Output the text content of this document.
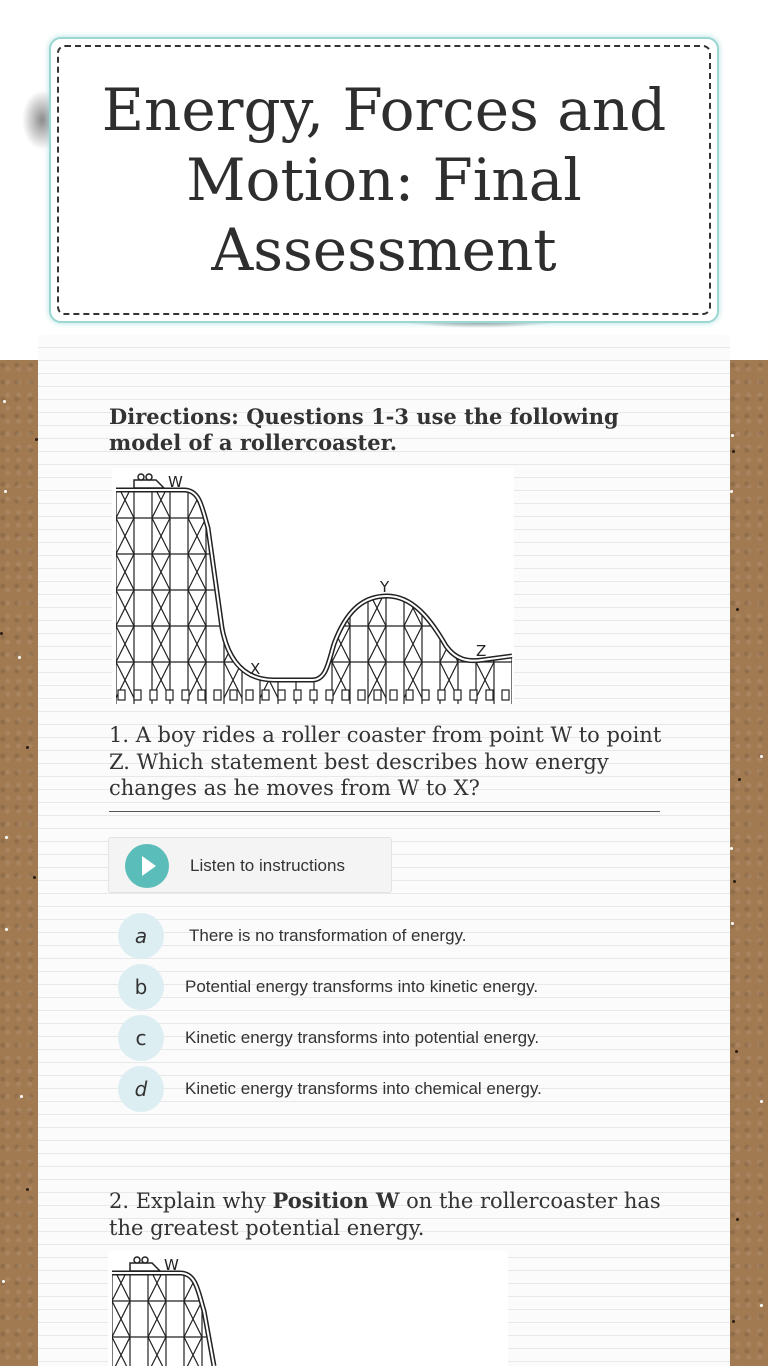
Energy, Forces and Motion: Final Assessment

Directions: Questions 1-3 use the following model of a rollercoaster.

W
X
Y
Z

1. A boy rides a roller coaster from point W to point Z. Which statement best describes how energy changes as he moves from W to X?

Listen to instructions
a	There is no transformation of energy.
b	Potential energy transforms into kinetic energy.
c	Kinetic energy transforms into potential energy.
d	Kinetic energy transforms into chemical energy.

2. Explain why Position W on the rollercoaster has the greatest potential energy.

W
